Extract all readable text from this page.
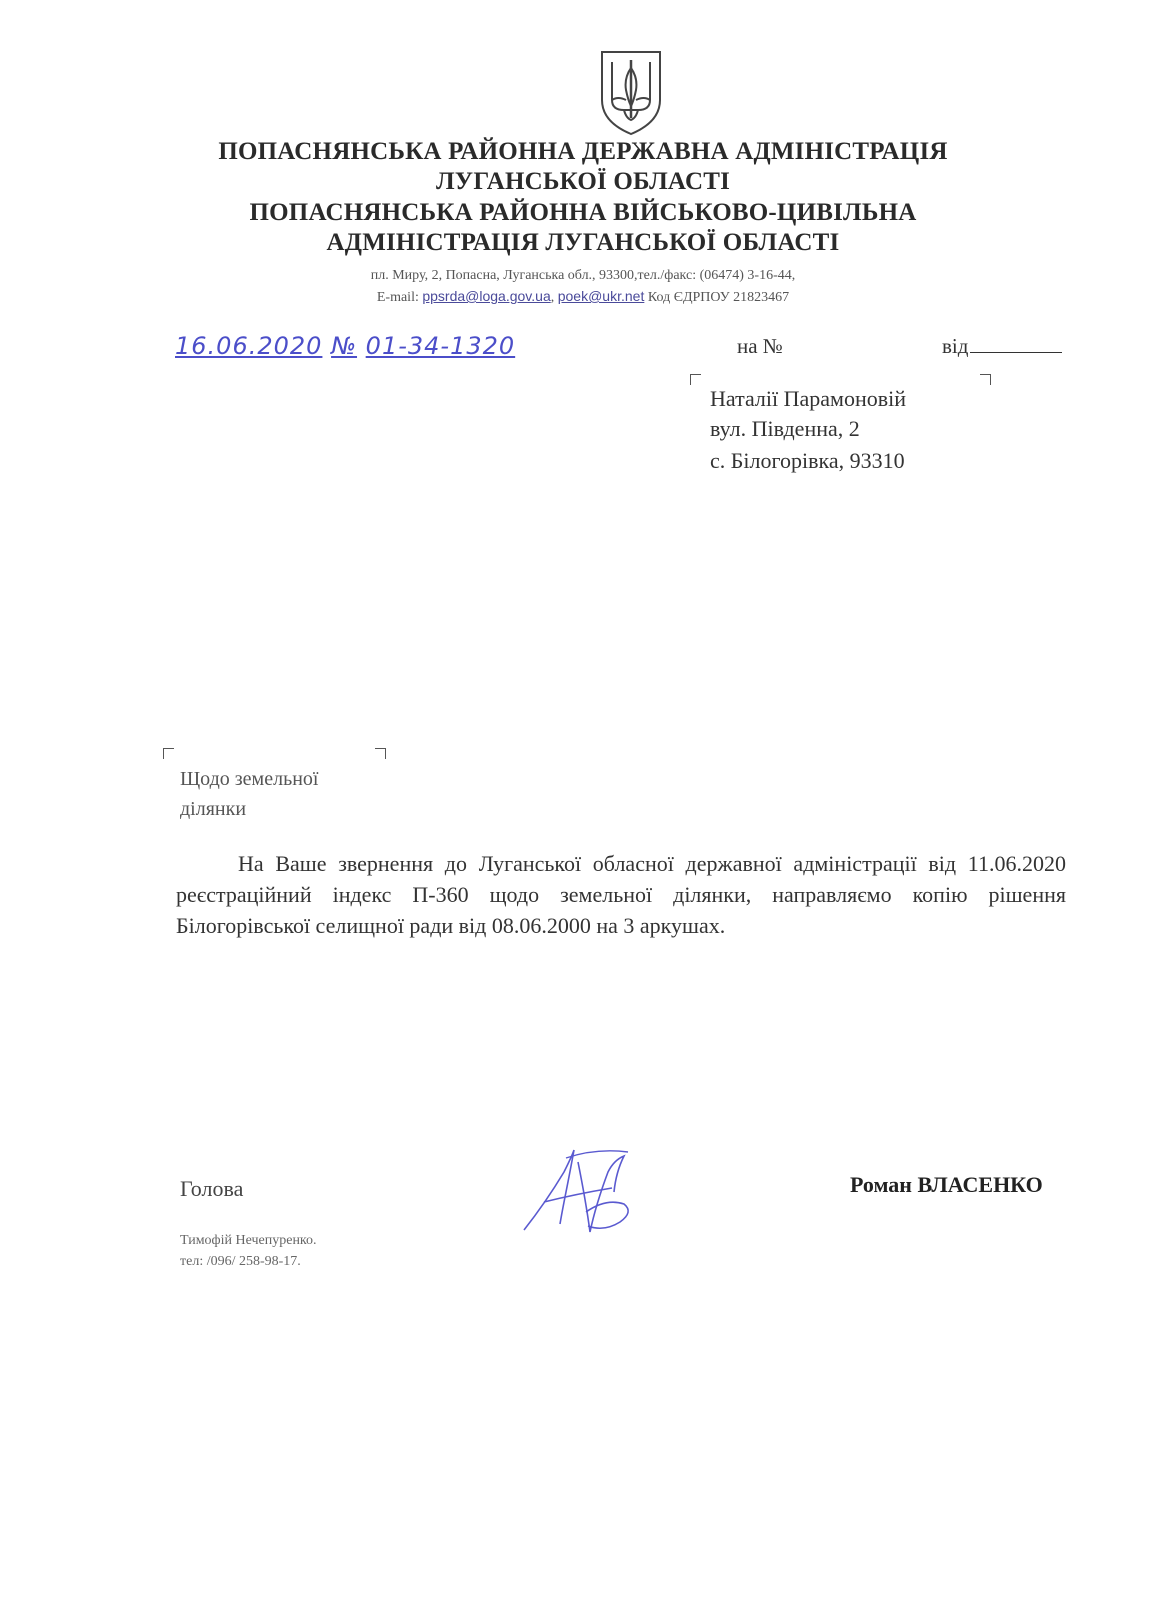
ПОПАСНЯНСЬКА РАЙОННА ДЕРЖАВНА АДМІНІСТРАЦІЯ
ЛУГАНСЬКОЇ ОБЛАСТІ
ПОПАСНЯНСЬКА РАЙОННА ВІЙСЬКОВО-ЦИВІЛЬНА
АДМІНІСТРАЦІЯ ЛУГАНСЬКОЇ ОБЛАСТІ
пл. Миру, 2, Попасна, Луганська обл., 93300,тел./факс: (06474) 3-16-44,
E-mail: ppsrda@loga.gov.ua, poek@ukr.net Код ЄДРПОУ 21823467
16.06.2020 № 01-34-1320	на №	від
Наталії Парамоновій
вул. Південна, 2
с. Білогорівка, 93310
Щодо земельної
ділянки

На Ваше звернення до Луганської обласної державної адміністрації від 11.06.2020 реєстраційний індекс П-360 щодо земельної ділянки, направляємо копію рішення Білогорівської селищної ради від 08.06.2000 на 3 аркушах.

Голова	Роман ВЛАСЕНКО
Тимофій Нечепуренко.
тел: /096/ 258-98-17.
